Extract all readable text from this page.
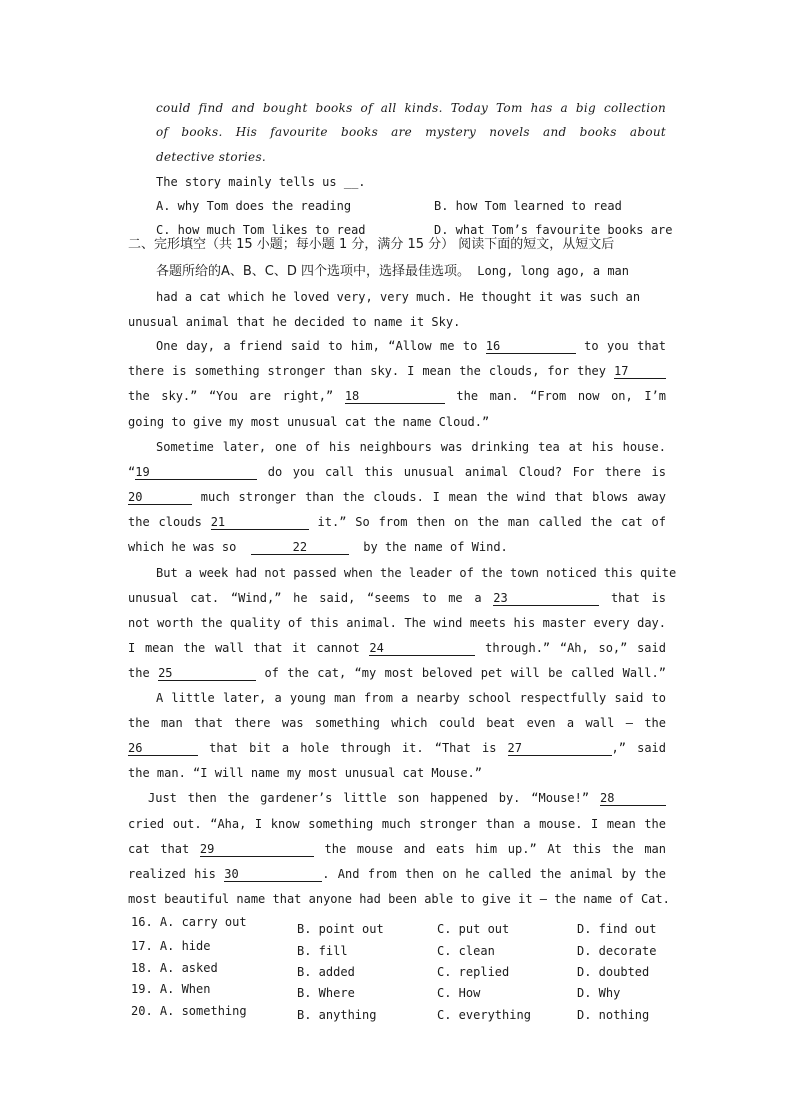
could find and bought books of all kinds. Today Tom has a big collection
of books. His favourite books are mystery novels and books about
detective stories.
The story mainly tells us __.
A. why Tom does the reading	B. how Tom learned to read
C. how much Tom likes to read	D. what Tom’s favourite books are
二、完形填空（共 15 小题；每小题 1 分，满分 15 分） 阅读下面的短文，从短文后
各题所给的A、B、C、D 四个选项中，选择最佳选项。 Long, long ago, a man
had a cat which he loved very, very much. He thought it was such an
unusual animal that he decided to name it Sky.
One day, a friend said to him, “Allow me to 16	to you that
there is something stronger than sky. I mean the clouds, for they 17
the sky.” “You are right,” 18	the man. “From now on, I’m
going to give my most unusual cat the name Cloud.”
Sometime later, one of his neighbours was drinking tea at his house.
“19	do you call this unusual animal Cloud? For there is
20	much stronger than the clouds. I mean the wind that blows away
the clouds 21	it.” So from then on the man called the cat of
which he was so	22	by the name of Wind.
But a week had not passed when the leader of the town noticed this quite
unusual cat. “Wind,” he said, “seems to me a 23	that is
not worth the quality of this animal. The wind meets his master every day.
I mean the wall that it cannot 24	through.” “Ah, so,” said
the 25	of the cat, “my most beloved pet will be called Wall.”
A little later, a young man from a nearby school respectfully said to
the man that there was something which could beat even a wall — the
26	that bit a hole through it. “That is 27	,” said
the man. “I will name my most unusual cat Mouse.”
Just then the gardener’s little son happened by. “Mouse!” 28
cried out. “Aha, I know something much stronger than a mouse. I mean the
cat that 29	the mouse and eats him up.” At this the man
realized his 30	. And from then on he called the animal by the
most beautiful name that anyone had been able to give it — the name of Cat.
16. A. carry out	B. point out	C. put out	D. find out
17. A. hide	B. fill	C. clean	D. decorate
18. A. asked	B. added	C. replied	D. doubted
19. A. When	B. Where	C. How	D. Why
20. A. something	B. anything	C. everything	D. nothing
